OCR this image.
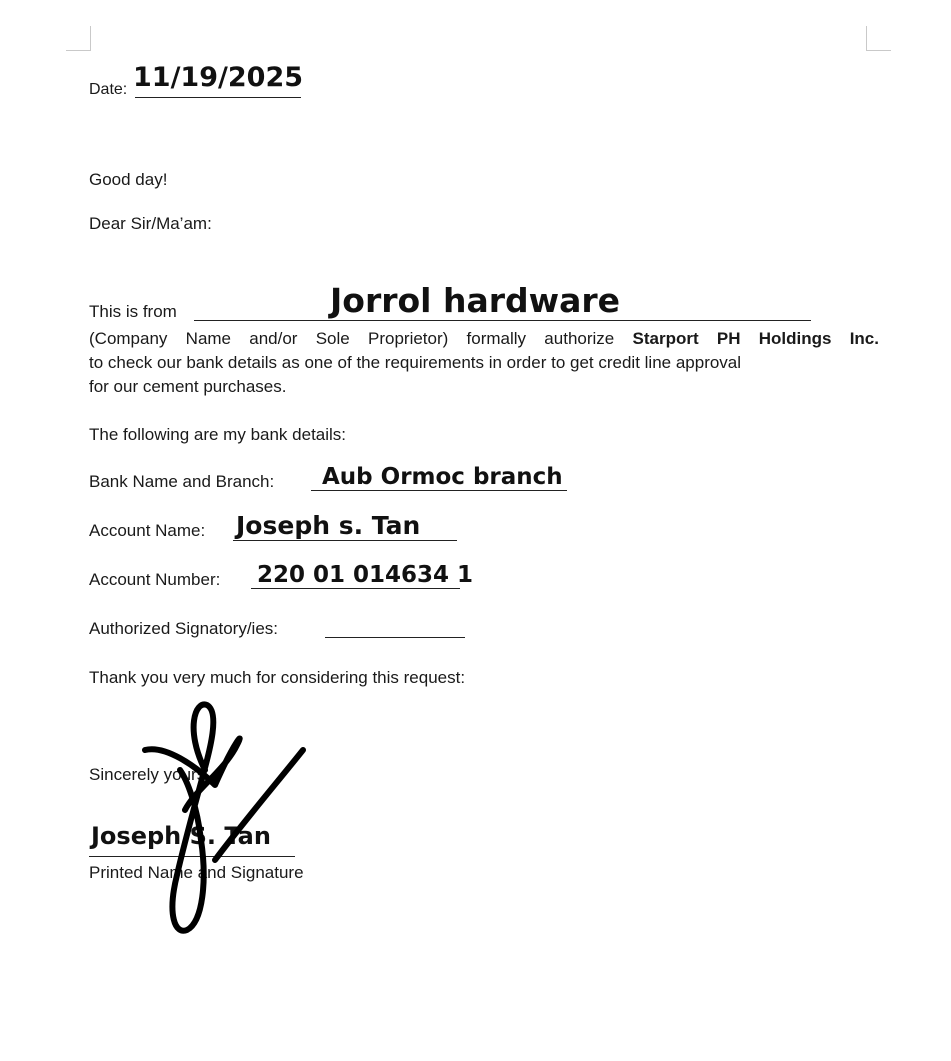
Date: 11/19/2025
Good day!
Dear Sir/Ma’am:
This is from	Jorrol hardware
(Company Name and/or Sole Proprietor) formally authorize Starport PH Holdings Inc.
to check our bank details as one of the requirements in order to get credit line approval
for our cement purchases.
The following are my bank details:
Bank Name and Branch: Aub Ormoc branch
Account Name: Joseph s. Tan
Account Number: 220 01 014634 1
Authorized Signatory/ies:
Thank you very much for considering this request:
Sincerely yours,
Joseph S. Tan
Printed Name and Signature
